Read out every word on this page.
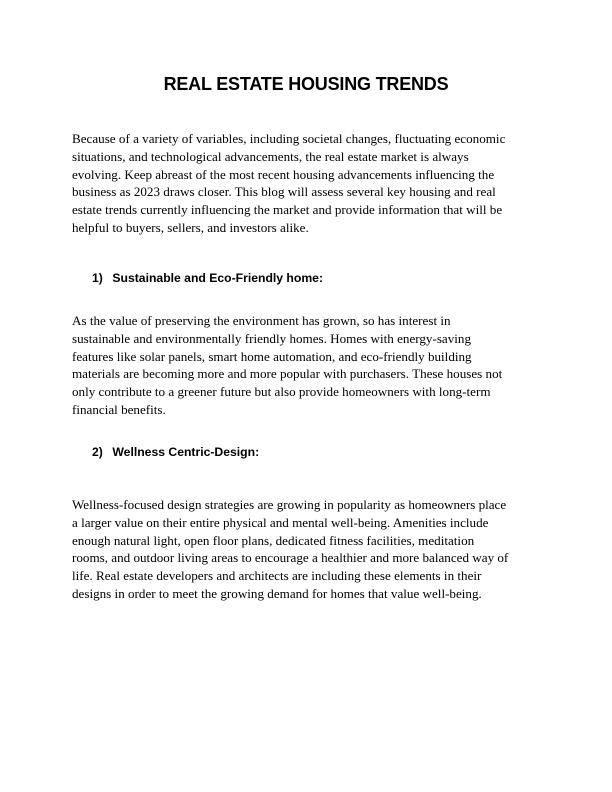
REAL ESTATE HOUSING TRENDS
Because of a variety of variables, including societal changes, fluctuating economic
situations, and technological advancements, the real estate market is always
evolving. Keep abreast of the most recent housing advancements influencing the
business as 2023 draws closer. This blog will assess several key housing and real
estate trends currently influencing the market and provide information that will be
helpful to buyers, sellers, and investors alike.
1) Sustainable and Eco-Friendly home:
As the value of preserving the environment has grown, so has interest in
sustainable and environmentally friendly homes. Homes with energy-saving
features like solar panels, smart home automation, and eco-friendly building
materials are becoming more and more popular with purchasers. These houses not
only contribute to a greener future but also provide homeowners with long-term
financial benefits.
2) Wellness Centric-Design:
Wellness-focused design strategies are growing in popularity as homeowners place
a larger value on their entire physical and mental well-being. Amenities include
enough natural light, open floor plans, dedicated fitness facilities, meditation
rooms, and outdoor living areas to encourage a healthier and more balanced way of
life. Real estate developers and architects are including these elements in their
designs in order to meet the growing demand for homes that value well-being.
